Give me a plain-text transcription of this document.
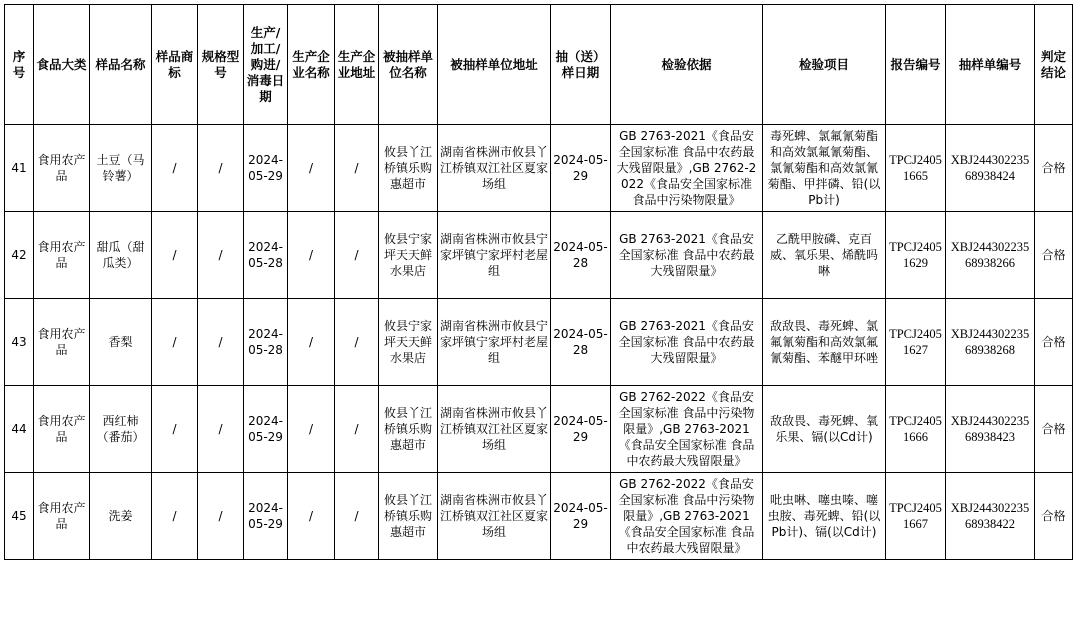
序号	食品大类	样品名称	样品商标	规格型号	生产/加工/购进/消毒日期	生产企业名称	生产企业地址	被抽样单位名称	被抽样单位地址	抽（送）样日期	检验依据	检验项目	报告编号	抽样单编号	判定结论
41	食用农产品	土豆（马铃薯）	/	/	2024-05-29	/	/	攸县丫江桥镇乐购惠超市	湖南省株洲市攸县丫江桥镇双江社区夏家场组	2024-05-29	GB 2763-2021《食品安全国家标准 食品中农药最大残留限量》,GB 2762-2022《食品安全国家标准 食品中污染物限量》	毒死蜱、氯氟氰菊酯和高效氯氟氰菊酯、氯氰菊酯和高效氯氰菊酯、甲拌磷、铅(以Pb计)	TPCJ24051665	XBJ24430223568938424	合格
42	食用农产品	甜瓜（甜瓜类）	/	/	2024-05-28	/	/	攸县宁家坪天天鲜水果店	湖南省株洲市攸县宁家坪镇宁家坪村老屋组	2024-05-28	GB 2763-2021《食品安全国家标准 食品中农药最大残留限量》	乙酰甲胺磷、克百威、氧乐果、烯酰吗啉	TPCJ24051629	XBJ24430223568938266	合格
43	食用农产品	香梨	/	/	2024-05-28	/	/	攸县宁家坪天天鲜水果店	湖南省株洲市攸县宁家坪镇宁家坪村老屋组	2024-05-28	GB 2763-2021《食品安全国家标准 食品中农药最大残留限量》	敌敌畏、毒死蜱、氯氟氰菊酯和高效氯氟氰菊酯、苯醚甲环唑	TPCJ24051627	XBJ24430223568938268	合格
44	食用农产品	西红柿（番茄）	/	/	2024-05-29	/	/	攸县丫江桥镇乐购惠超市	湖南省株洲市攸县丫江桥镇双江社区夏家场组	2024-05-29	GB 2762-2022《食品安全国家标准 食品中污染物限量》,GB 2763-2021《食品安全国家标准 食品中农药最大残留限量》	敌敌畏、毒死蜱、氧乐果、镉(以Cd计)	TPCJ24051666	XBJ24430223568938423	合格
45	食用农产品	洗姜	/	/	2024-05-29	/	/	攸县丫江桥镇乐购惠超市	湖南省株洲市攸县丫江桥镇双江社区夏家场组	2024-05-29	GB 2762-2022《食品安全国家标准 食品中污染物限量》,GB 2763-2021《食品安全国家标准 食品中农药最大残留限量》	吡虫啉、噻虫嗪、噻虫胺、毒死蜱、铅(以Pb计)、镉(以Cd计)	TPCJ24051667	XBJ24430223568938422	合格
